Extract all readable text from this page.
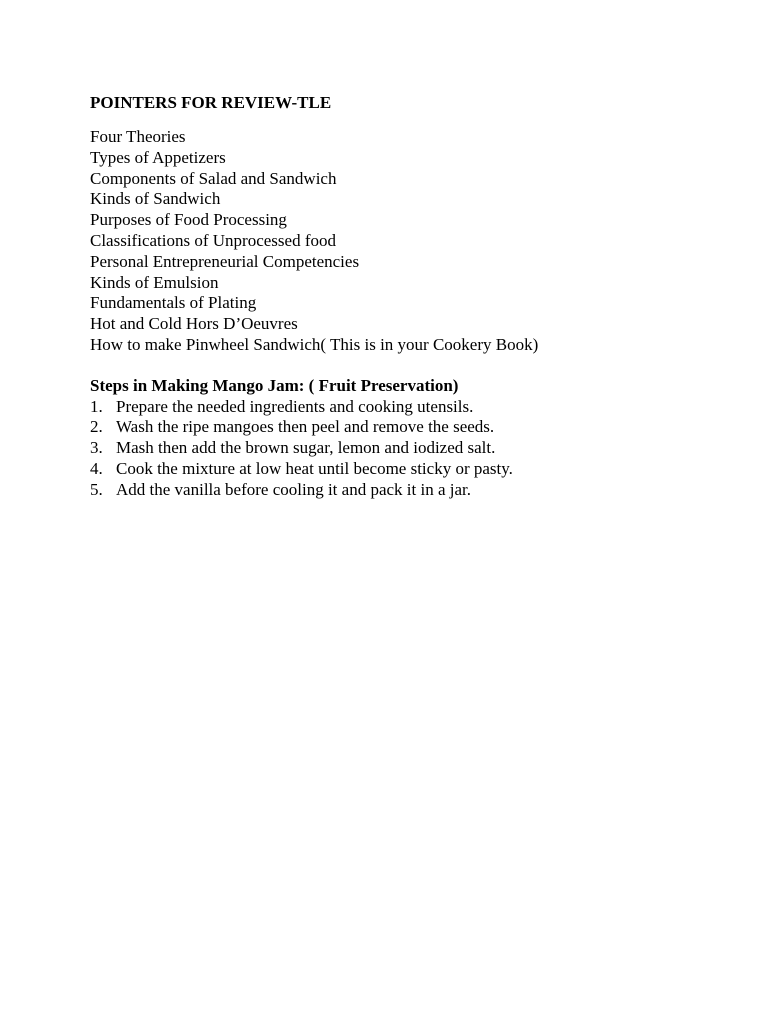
POINTERS FOR REVIEW-TLE
Four Theories
Types of Appetizers
Components of Salad and Sandwich
Kinds of Sandwich
Purposes of Food Processing
Classifications of Unprocessed food
Personal Entrepreneurial Competencies
Kinds of Emulsion
Fundamentals of Plating
Hot and Cold Hors D’Oeuvres
How to make Pinwheel Sandwich( This is in your Cookery Book)
Steps in Making Mango Jam: ( Fruit Preservation)
1. Prepare the needed ingredients and cooking utensils.
2. Wash the ripe mangoes then peel and remove the seeds.
3. Mash then add the brown sugar, lemon and iodized salt.
4. Cook the mixture at low heat until become sticky or pasty.
5. Add the vanilla before cooling it and pack it in a jar.
